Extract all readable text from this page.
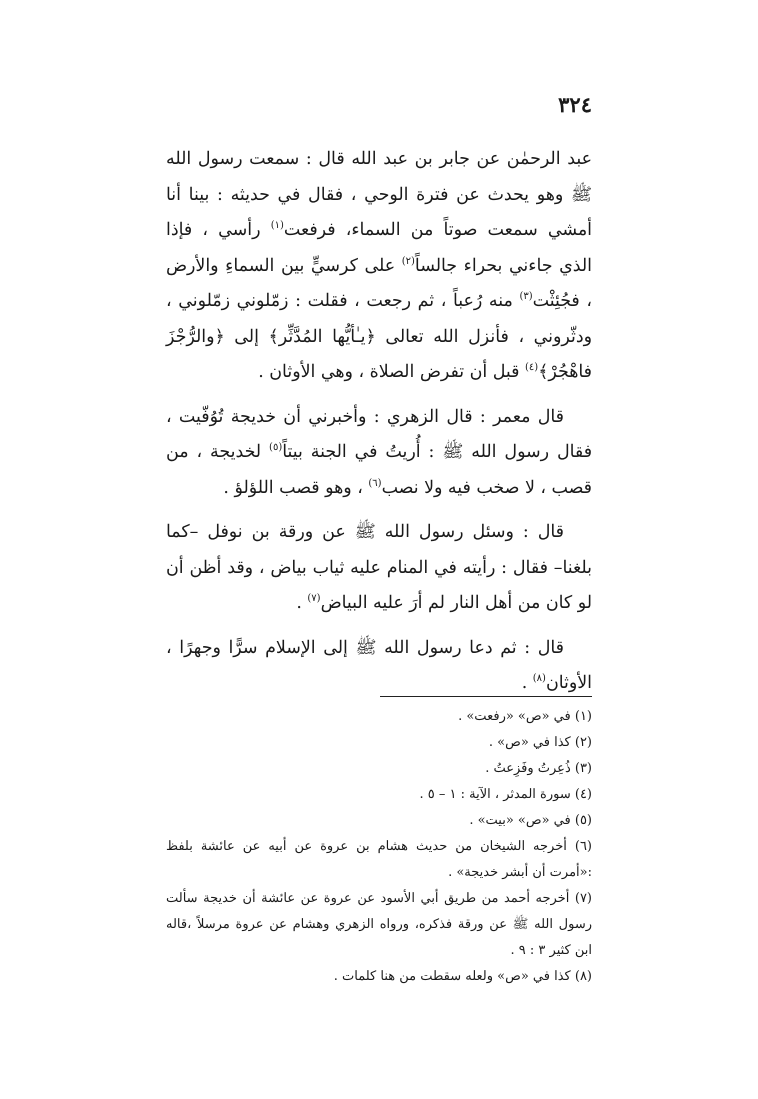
٣٢٤

عبد الرحمٰن عن جابر بن عبد الله قال : سمعت رسول الله ﷺ وهو يحدث عن فترة الوحي ، فقال في حديثه : بينا أنا أمشي سمعت صوتاً من السماء، فرفعت$^{(١)}$ رأسي ، فإذا الذي جاءني بحراء جالساً$^{(٢)}$ على كرسيٍّ بين السماءِ والأرض ، فجُئِثْت$^{(٣)}$ منه رُعباً ، ثم رجعت ، فقلت : زمّلوني زمّلوني ، ودثّروني ، فأنزل الله تعالى ﴿يـٰأيُّها المُدَّثِّر﴾ إلى ﴿والرُّجْزَ فاهْجُرْ﴾$^{(٤)}$ قبل أن تفرض الصلاة ، وهي الأوثان .

قال معمر : قال الزهري : وأخبرني أن خديجة تُوُفّيت ، فقال رسول الله ﷺ : أُريتُ في الجنة بيتاً$^{(٥)}$ لخديجة ، من قصب ، لا صخب فيه ولا نصب$^{(٦)}$ ، وهو قصب اللؤلؤ .

قال : وسئل رسول الله ﷺ عن ورقة بن نوفل –كما بلغنا– فقال : رأيته في المنام عليه ثياب بياض ، وقد أظن أن لو كان من أهل النار لم أرَ عليه البياض$^{(٧)}$ .

قال : ثم دعا رسول الله ﷺ إلى الإسلام سرًّا وجهرًا ، الأوثان$^{(٨)}$ .

(١) في «ص» «رفعت» .

(٢) كذا في «ص» .

(٣) ذُعِرتُ وفَزِعتُ .

(٤) سورة المدثر ، الآية : ١ – ٥ .

(٥) في «ص» «بيت» .

(٦) أخرجه الشيخان من حديث هشام بن عروة عن أبيه عن عائشة بلفظ :«أمرت أن أبشر خديجة» .

(٧) أخرجه أحمد من طريق أبي الأسود عن عروة عن عائشة أن خديجة سألت رسول الله ﷺ عن ورقة فذكره، ورواه الزهري وهشام عن عروة مرسلاً ،قاله ابن كثير ٣ : ٩ .

(٨) كذا في «ص» ولعله سقطت من هنا كلمات .
